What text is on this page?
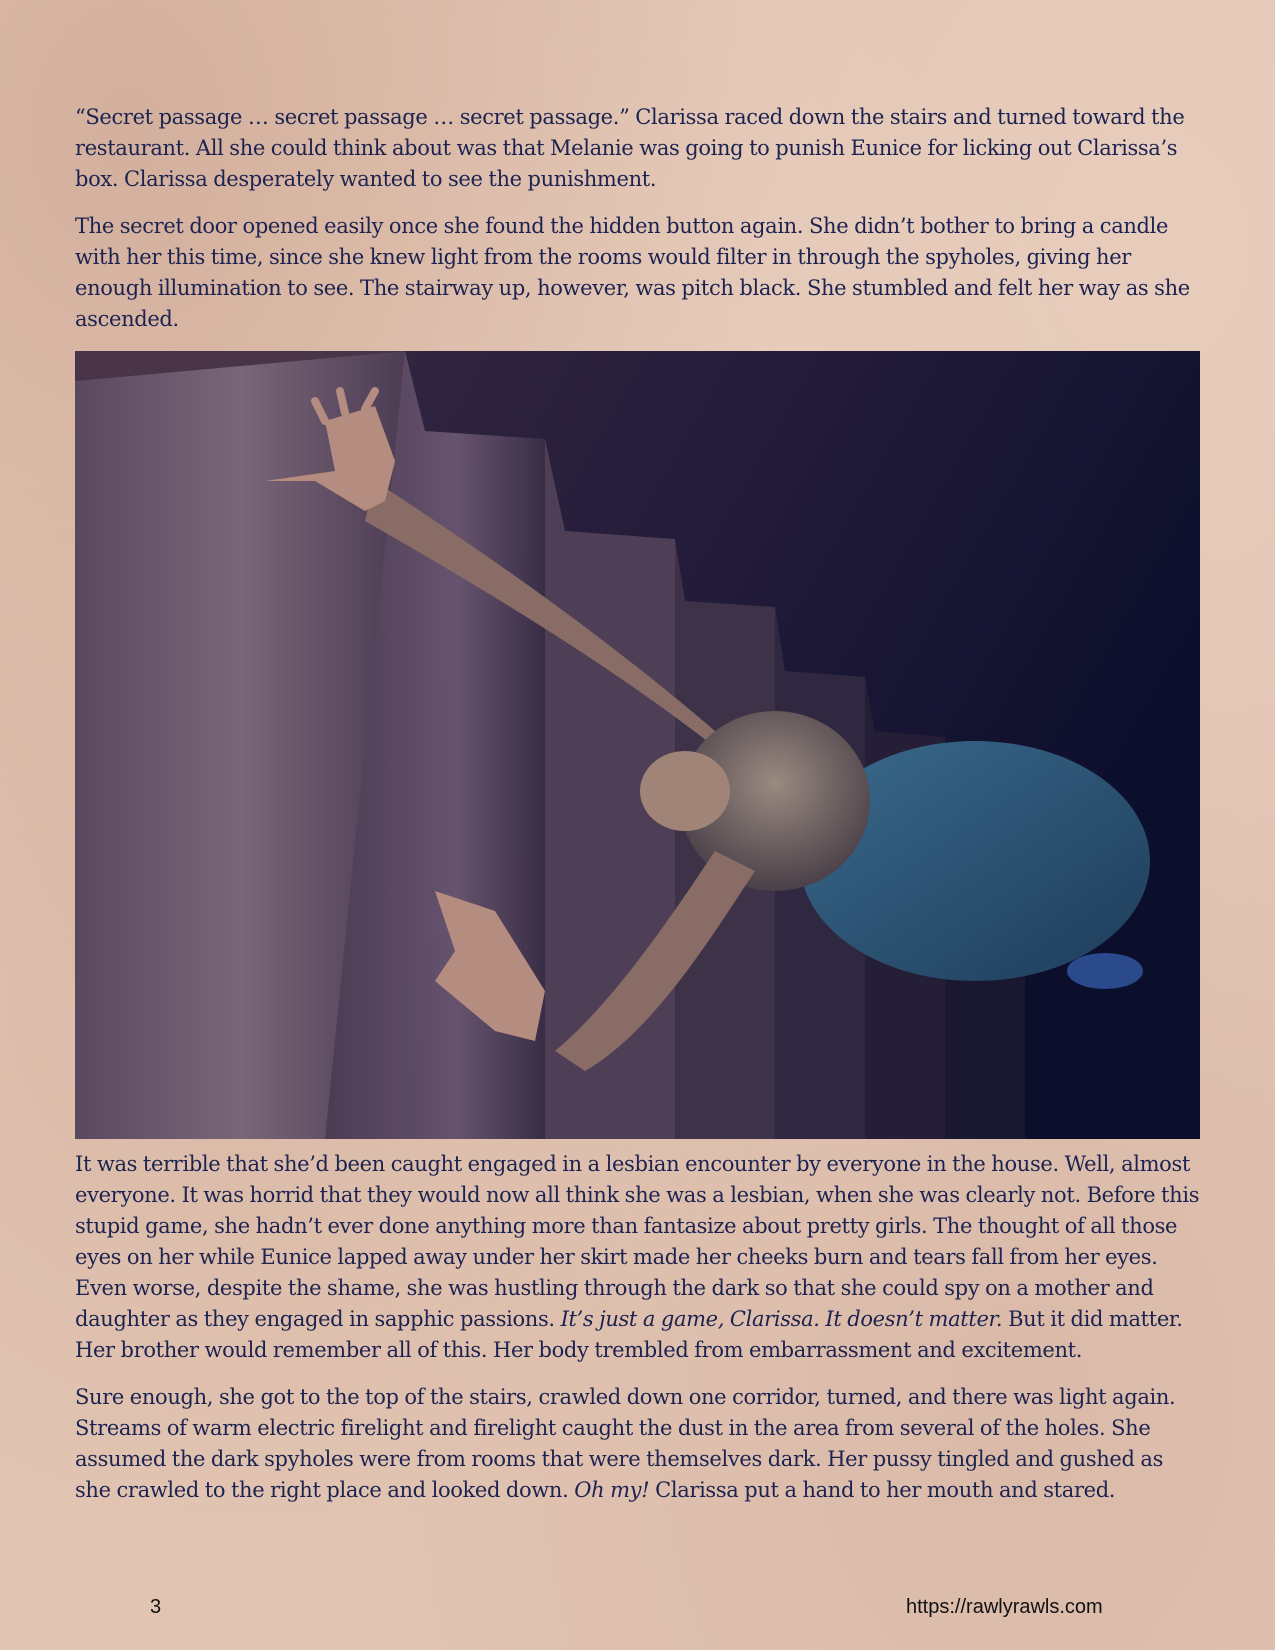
“Secret passage … secret passage … secret passage.” Clarissa raced down the stairs and turned toward the restaurant. All she could think about was that Melanie was going to punish Eunice for licking out Clarissa’s box. Clarissa desperately wanted to see the punishment.

The secret door opened easily once she found the hidden button again. She didn’t bother to bring a candle with her this time, since she knew light from the rooms would filter in through the spyholes, giving her enough illumination to see. The stairway up, however, was pitch black. She stumbled and felt her way as she ascended.

It was terrible that she’d been caught engaged in a lesbian encounter by everyone in the house. Well, almost everyone. It was horrid that they would now all think she was a lesbian, when she was clearly not. Before this stupid game, she hadn’t ever done anything more than fantasize about pretty girls. The thought of all those eyes on her while Eunice lapped away under her skirt made her cheeks burn and tears fall from her eyes. Even worse, despite the shame, she was hustling through the dark so that she could spy on a mother and daughter as they engaged in sapphic passions. It’s just a game, Clarissa. It doesn’t matter. But it did matter. Her brother would remember all of this. Her body trembled from embarrassment and excitement.

Sure enough, she got to the top of the stairs, crawled down one corridor, turned, and there was light again. Streams of warm electric firelight and firelight caught the dust in the area from several of the holes. She assumed the dark spyholes were from rooms that were themselves dark. Her pussy tingled and gushed as she crawled to the right place and looked down. Oh my! Clarissa put a hand to her mouth and stared.

3	https://rawlyrawls.com
